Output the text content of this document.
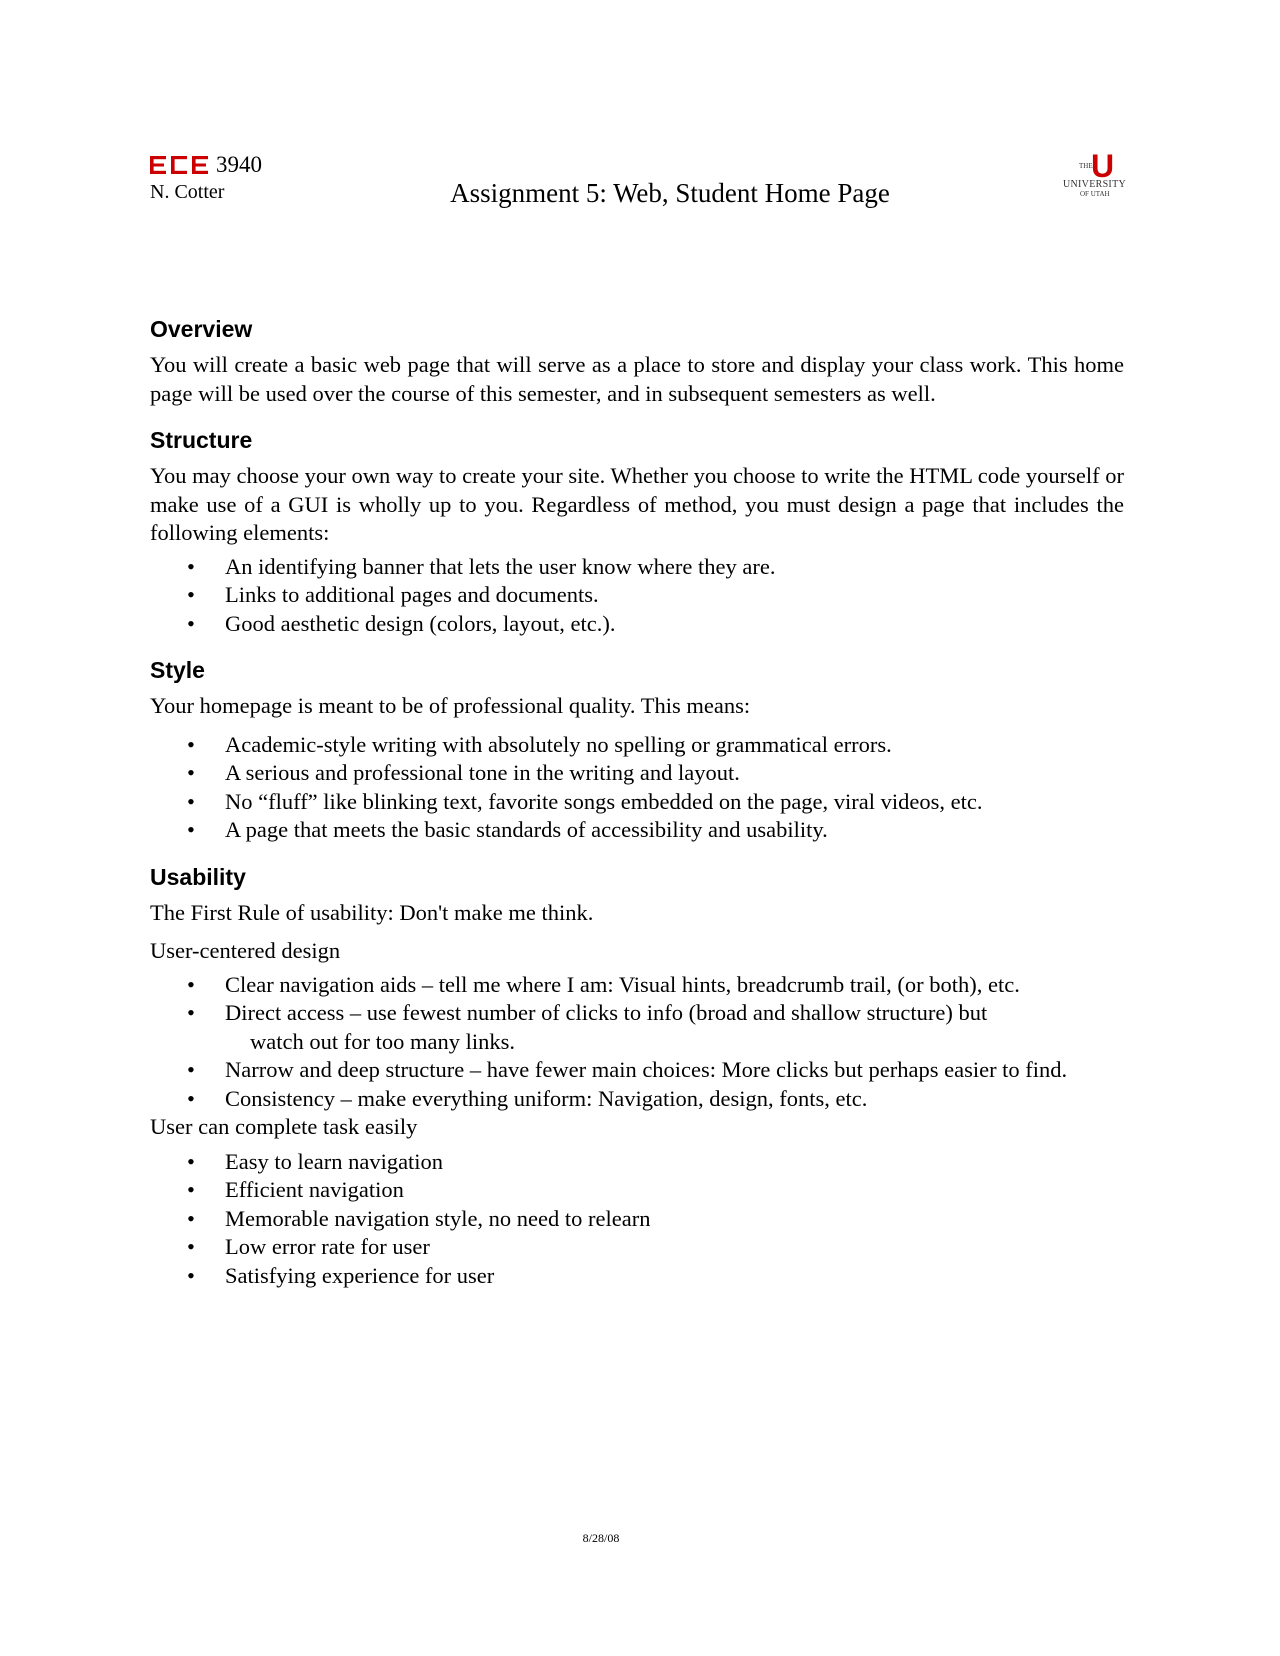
3940
N. Cotter	Assignment 5: Web, Student Home Page
THE
U
UNIVERSITY
OF UTAH
Overview

You will create a basic web page that will serve as a place to store and display your class work. This home page will be used over the course of this semester, and in subsequent semesters as well.

Structure

You may choose your own way to create your site. Whether you choose to write the HTML code yourself or make use of a GUI is wholly up to you. Regardless of method, you must design a page that includes the following elements:

• An identifying banner that lets the user know where they are.
• Links to additional pages and documents.
• Good aesthetic design (colors, layout, etc.).
Style

Your homepage is meant to be of professional quality. This means:

• Academic-style writing with absolutely no spelling or grammatical errors.
• A serious and professional tone in the writing and layout.
• No “fluff” like blinking text, favorite songs embedded on the page, viral videos, etc.
• A page that meets the basic standards of accessibility and usability.
Usability

The First Rule of usability: Don't make me think.

User-centered design

• Clear navigation aids – tell me where I am: Visual hints, breadcrumb trail, (or both), etc.
• Direct access – use fewest number of clicks to info (broad and shallow structure) but
watch out for too many links.
• Narrow and deep structure – have fewer main choices: More clicks but perhaps easier to find.
• Consistency – make everything uniform: Navigation, design, fonts, etc.

User can complete task easily

• Easy to learn navigation
• Efficient navigation
• Memorable navigation style, no need to relearn
• Low error rate for user
• Satisfying experience for user
8/28/08
